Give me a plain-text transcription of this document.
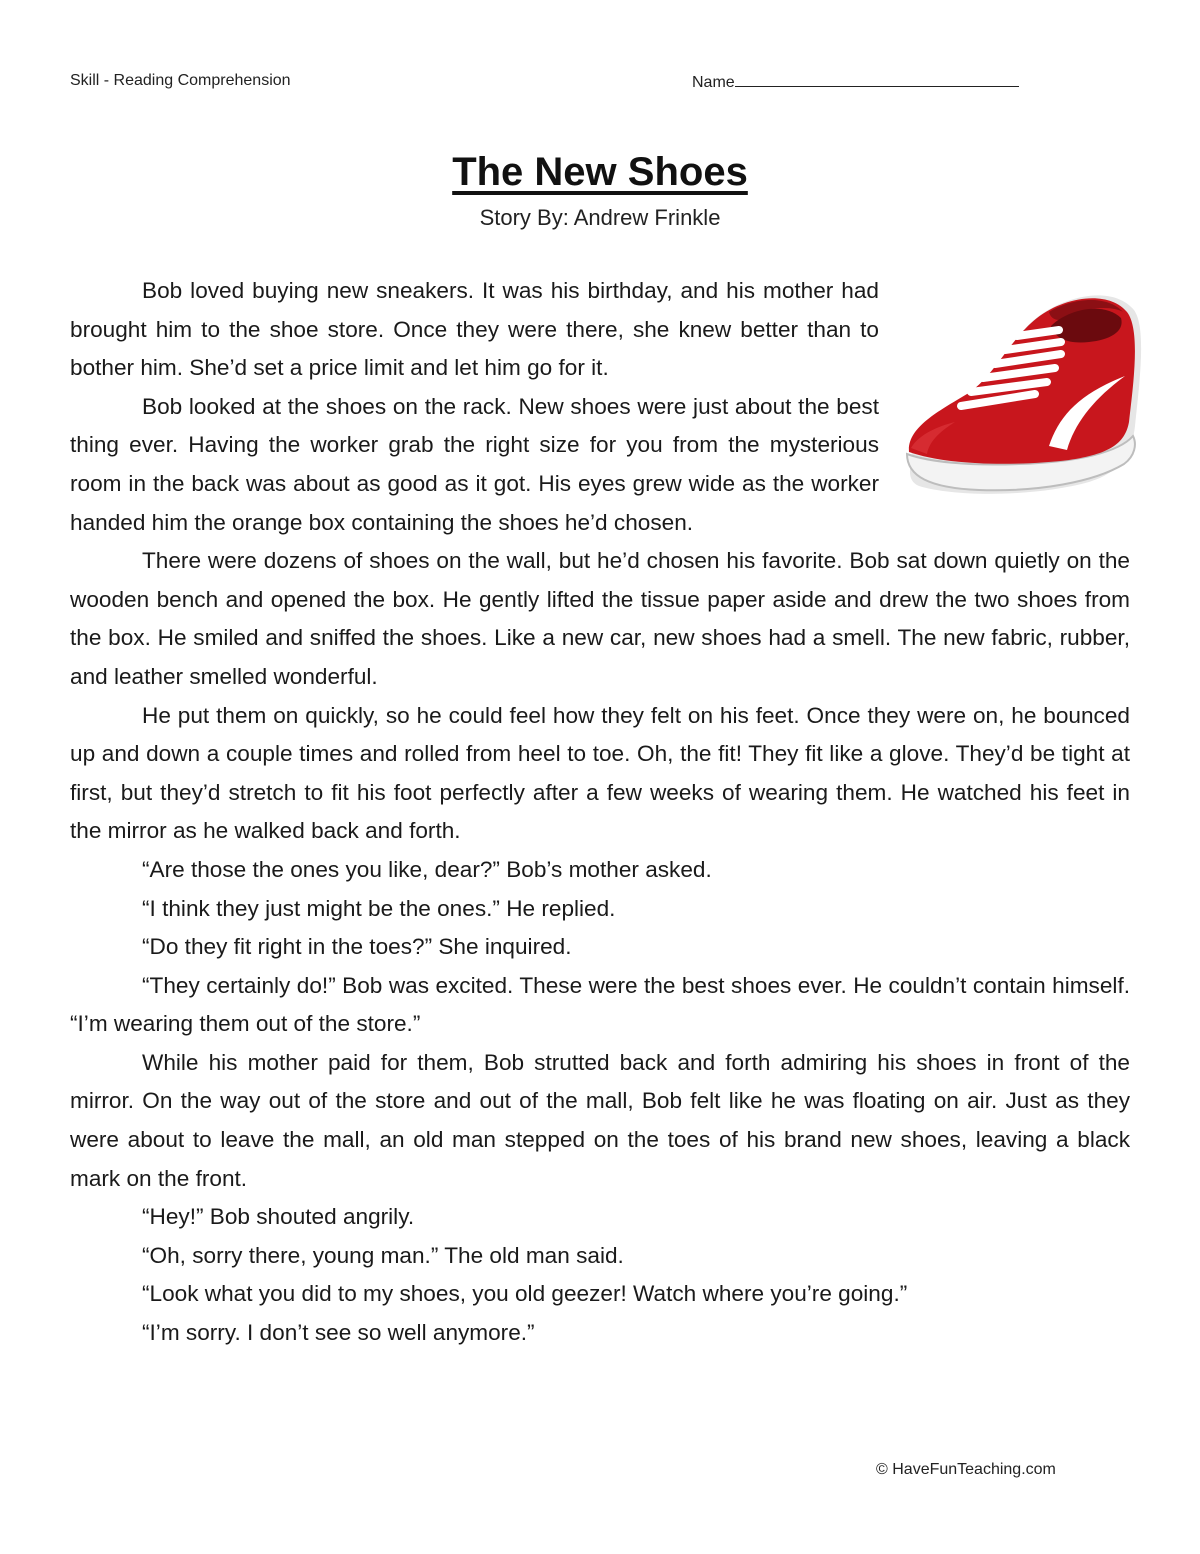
Skill - Reading Comprehension	Name
The New Shoes
Story By: Andrew Frinkle

Bob loved buying new sneakers. It was his birthday, and his mother had brought him to the shoe store. Once they were there, she knew better than to bother him. She’d set a price limit and let him go for it.

Bob looked at the shoes on the rack. New shoes were just about the best thing ever. Having the worker grab the right size for you from the mysterious room in the back was about as good as it got. His eyes grew wide as the worker handed him the orange box containing the shoes he’d chosen.

There were dozens of shoes on the wall, but he’d chosen his favorite. Bob sat down quietly on the wooden bench and opened the box. He gently lifted the tissue paper aside and drew the two shoes from the box. He smiled and sniffed the shoes. Like a new car, new shoes had a smell. The new fabric, rubber, and leather smelled wonderful.

He put them on quickly, so he could feel how they felt on his feet. Once they were on, he bounced up and down a couple times and rolled from heel to toe. Oh, the fit! They fit like a glove. They’d be tight at first, but they’d stretch to fit his foot perfectly after a few weeks of wearing them. He watched his feet in the mirror as he walked back and forth.

“Are those the ones you like, dear?” Bob’s mother asked.

“I think they just might be the ones.” He replied.

“Do they fit right in the toes?” She inquired.

“They certainly do!” Bob was excited. These were the best shoes ever. He couldn’t contain himself. “I’m wearing them out of the store.”

While his mother paid for them, Bob strutted back and forth admiring his shoes in front of the mirror. On the way out of the store and out of the mall, Bob felt like he was floating on air. Just as they were about to leave the mall, an old man stepped on the toes of his brand new shoes, leaving a black mark on the front.

“Hey!” Bob shouted angrily.

“Oh, sorry there, young man.” The old man said.

“Look what you did to my shoes, you old geezer! Watch where you’re going.”

“I’m sorry. I don’t see so well anymore.”

© HaveFunTeaching.com
